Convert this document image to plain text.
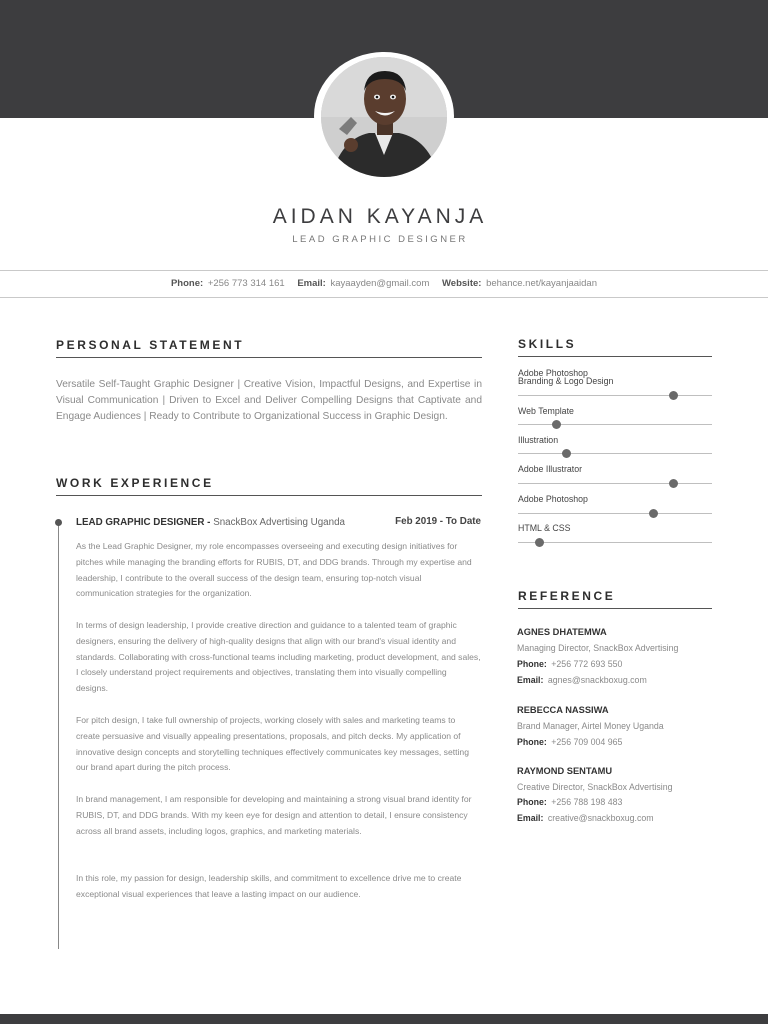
AIDAN KAYANJA
LEAD GRAPHIC DESIGNER
Phone: +256 773 314 161 Email: kayaayden@gmail.com Website: behance.net/kayanjaaidan
PERSONAL STATEMENT
Versatile Self-Taught Graphic Designer | Creative Vision, Impactful Designs, and Expertise in Visual Communication | Driven to Excel and Deliver Compelling Designs that Captivate and Engage Audiences | Ready to Contribute to Organizational Success in Graphic Design.
WORK EXPERIENCE
LEAD GRAPHIC DESIGNER - SnackBox Advertising Uganda	Feb 2019 - To Date
As the Lead Graphic Designer, my role encompasses overseeing and executing design initiatives for pitches while managing the branding efforts for RUBIS, DT, and DDG brands. Through my expertise and leadership, I contribute to the overall success of the design team, ensuring top-notch visual communication strategies for the organization.
In terms of design leadership, I provide creative direction and guidance to a talented team of graphic designers, ensuring the delivery of high-quality designs that align with our brand's visual identity and standards. Collaborating with cross-functional teams including marketing, product development, and sales, I closely understand project requirements and objectives, translating them into visually compelling designs.
For pitch design, I take full ownership of projects, working closely with sales and marketing teams to create persuasive and visually appealing presentations, proposals, and pitch decks. My application of innovative design concepts and storytelling techniques effectively communicates key messages, setting our brand apart during the pitch process.
In brand management, I am responsible for developing and maintaining a strong visual brand identity for RUBIS, DT, and DDG brands. With my keen eye for design and attention to detail, I ensure consistency across all brand assets, including logos, graphics, and marketing materials.
In this role, my passion for design, leadership skills, and commitment to excellence drive me to create exceptional visual experiences that leave a lasting impact on our audience.
SKILLS
Adobe Photoshop
Branding & Logo Design
Web Template
Illustration
Adobe Illustrator
Adobe Photoshop
HTML & CSS
REFERENCE
AGNES DHATEMWA
Managing Director, SnackBox Advertising
Phone: +256 772 693 550
Email: agnes@snackboxug.com
REBECCA NASSIWA
Brand Manager, Airtel Money Uganda
Phone: +256 709 004 965
RAYMOND SENTAMU
Creative Director, SnackBox Advertising
Phone: +256 788 198 483
Email: creative@snackboxug.com
